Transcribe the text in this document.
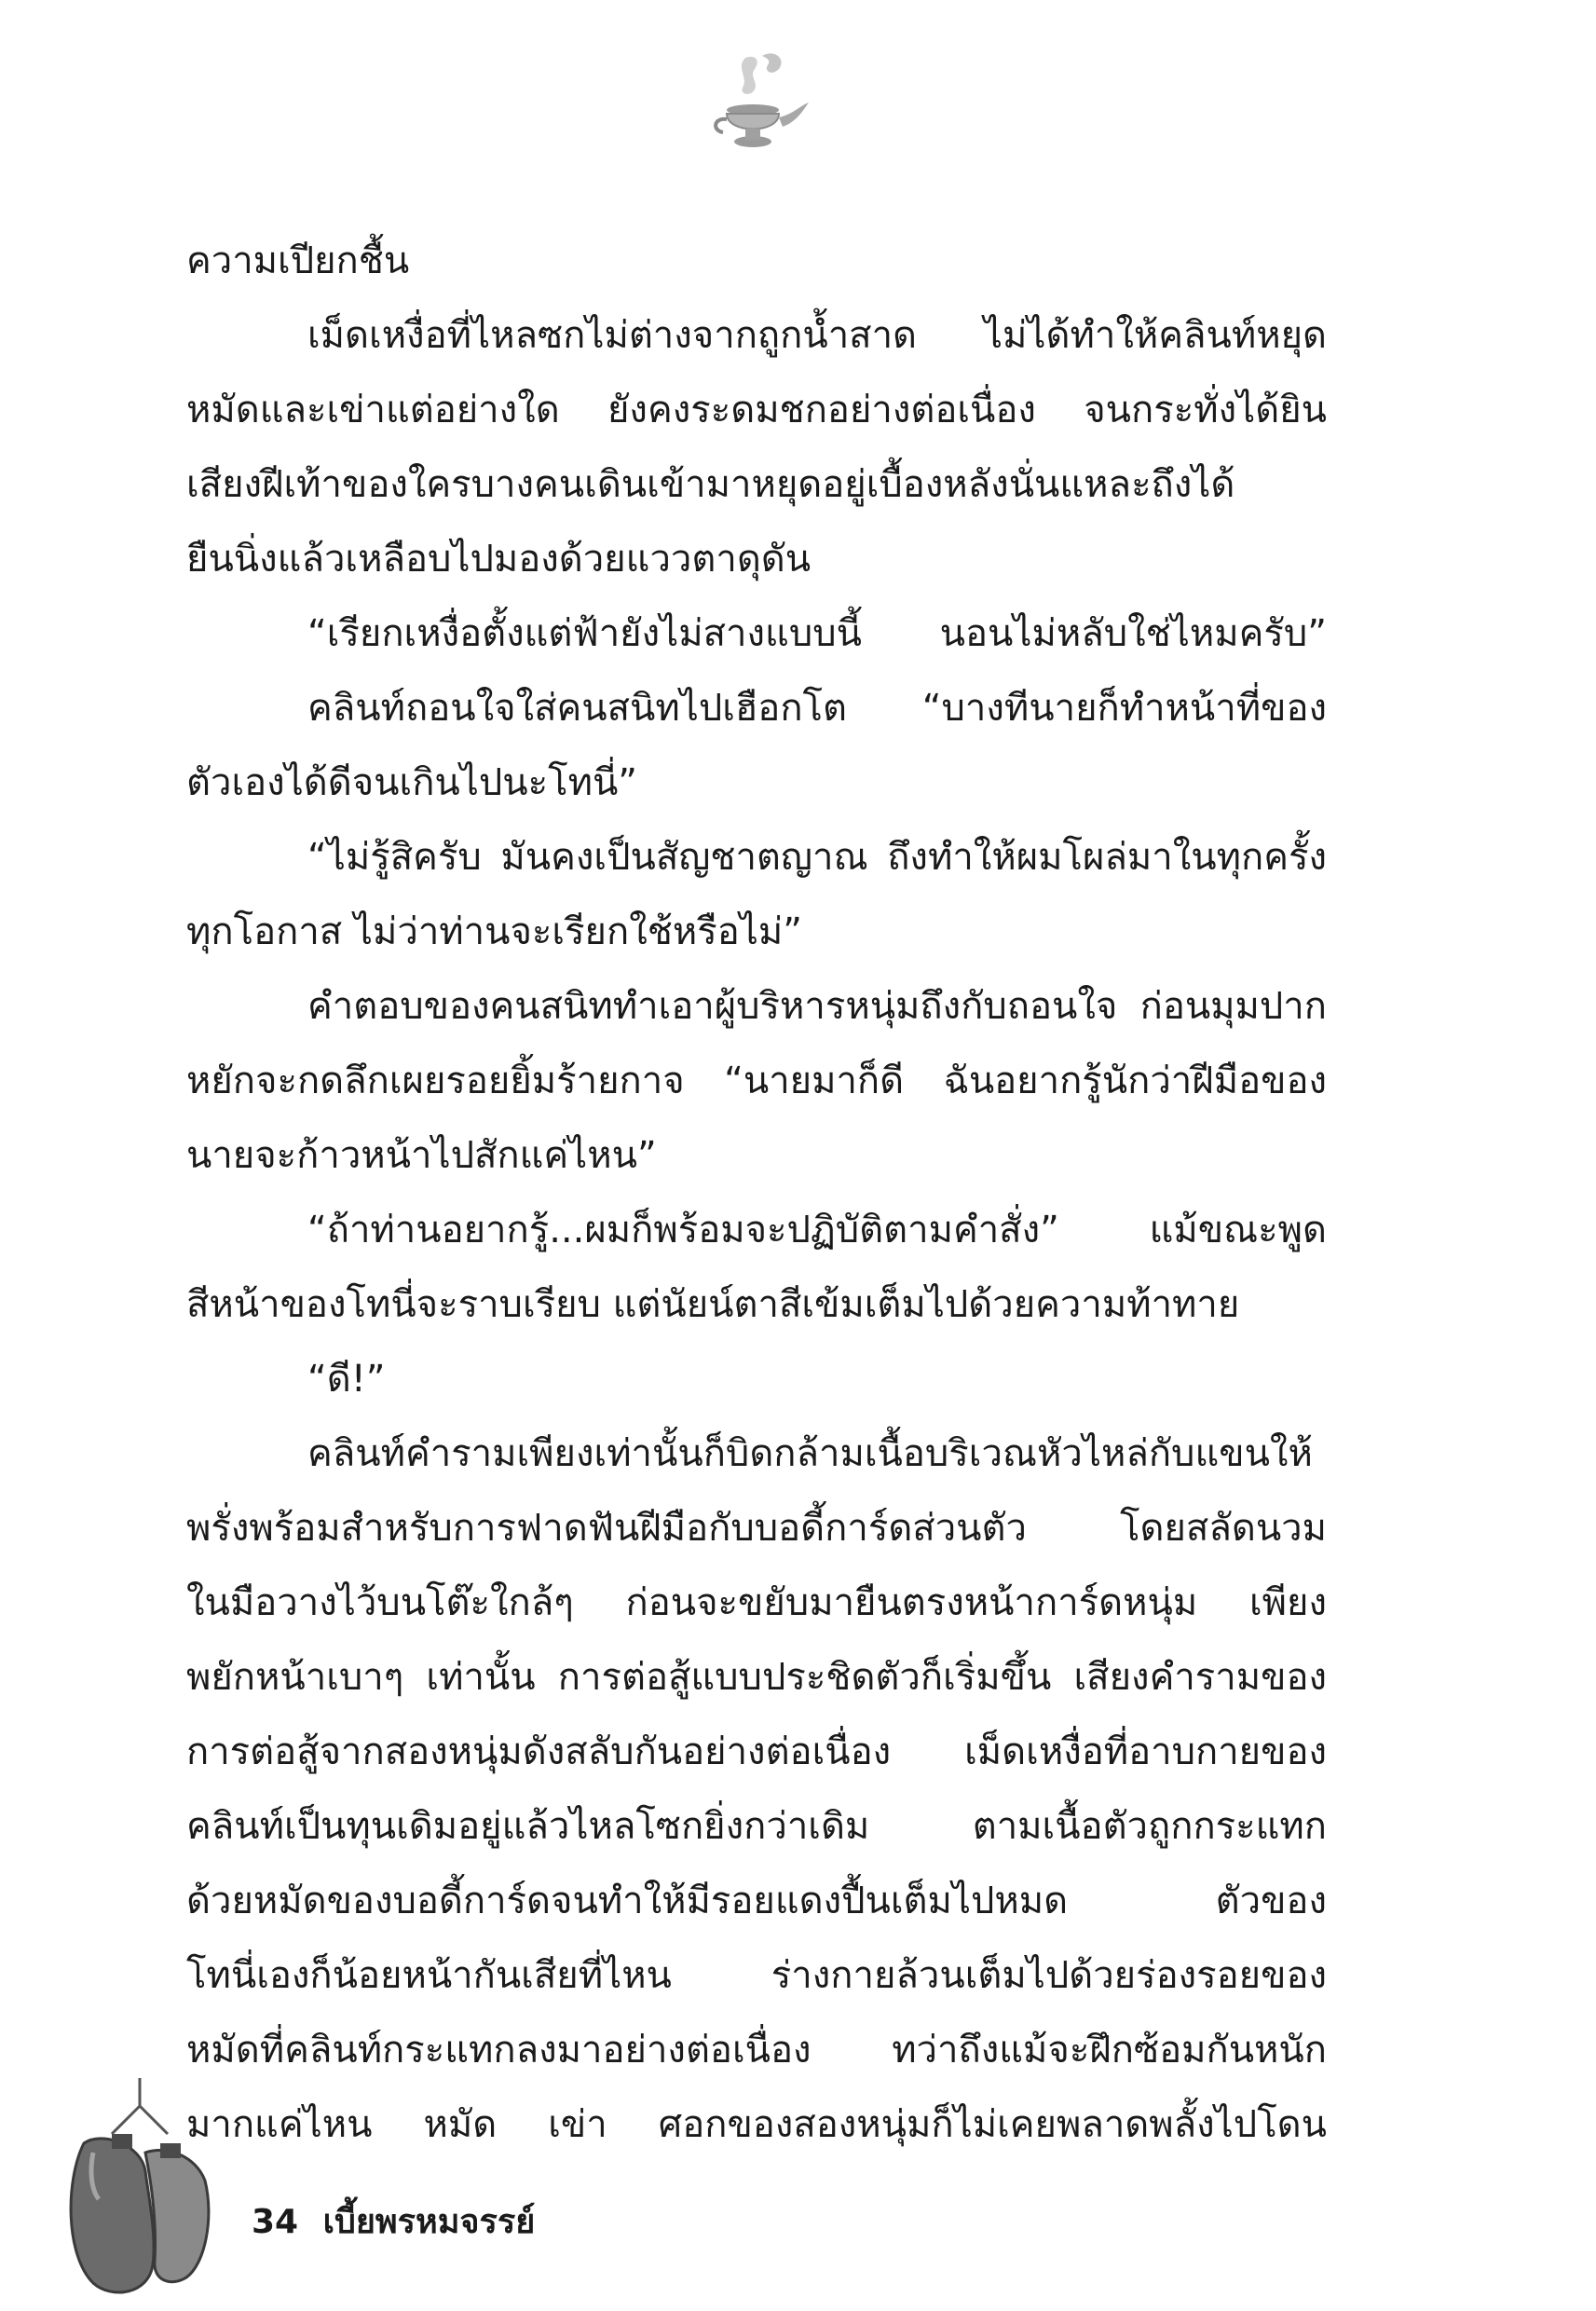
ความเปียกชื้น
เม็ดเหงื่อที่ไหลซกไม่ต่างจากถูกน้ำสาด ไม่ได้ทำให้คลินท์หยุด
หมัดและเข่าแต่อย่างใด ยังคงระดมชกอย่างต่อเนื่อง จนกระทั่งได้ยิน
เสียงฝีเท้าของใครบางคนเดินเข้ามาหยุดอยู่เบื้องหลังนั่นแหละถึงได้
ยืนนิ่งแล้วเหลือบไปมองด้วยแววตาดุดัน
“เรียกเหงื่อตั้งแต่ฟ้ายังไม่สางแบบนี้ นอนไม่หลับใช่ไหมครับ”
คลินท์ถอนใจใส่คนสนิทไปเฮือกโต “บางทีนายก็ทำหน้าที่ของ
ตัวเองได้ดีจนเกินไปนะโทนี่”
“ไม่รู้สิครับ มันคงเป็นสัญชาตญาณ ถึงทำให้ผมโผล่มาในทุกครั้ง
ทุกโอกาส ไม่ว่าท่านจะเรียกใช้หรือไม่”
คำตอบของคนสนิททำเอาผู้บริหารหนุ่มถึงกับถอนใจ ก่อนมุมปาก
หยักจะกดลึกเผยรอยยิ้มร้ายกาจ “นายมาก็ดี ฉันอยากรู้นักว่าฝีมือของ
นายจะก้าวหน้าไปสักแค่ไหน”
“ถ้าท่านอยากรู้...ผมก็พร้อมจะปฏิบัติตามคำสั่ง” แม้ขณะพูด
สีหน้าของโทนี่จะราบเรียบ แต่นัยน์ตาสีเข้มเต็มไปด้วยความท้าทาย
“ดี!”
คลินท์คำรามเพียงเท่านั้นก็บิดกล้ามเนื้อบริเวณหัวไหล่กับแขนให้
พรั่งพร้อมสำหรับการฟาดฟันฝีมือกับบอดี้การ์ดส่วนตัว โดยสลัดนวม
ในมือวางไว้บนโต๊ะใกล้ๆ ก่อนจะขยับมายืนตรงหน้าการ์ดหนุ่ม เพียง
พยักหน้าเบาๆ เท่านั้น การต่อสู้แบบประชิดตัวก็เริ่มขึ้น เสียงคำรามของ
การต่อสู้จากสองหนุ่มดังสลับกันอย่างต่อเนื่อง เม็ดเหงื่อที่อาบกายของ
คลินท์เป็นทุนเดิมอยู่แล้วไหลโซกยิ่งกว่าเดิม ตามเนื้อตัวถูกกระแทก
ด้วยหมัดของบอดี้การ์ดจนทำให้มีรอยแดงปื้นเต็มไปหมด ตัวของ
โทนี่เองก็น้อยหน้ากันเสียที่ไหน ร่างกายล้วนเต็มไปด้วยร่องรอยของ
หมัดที่คลินท์กระแทกลงมาอย่างต่อเนื่อง ทว่าถึงแม้จะฝึกซ้อมกันหนัก
มากแค่ไหน หมัด เข่า ศอกของสองหนุ่มก็ไม่เคยพลาดพลั้งไปโดน
34 เบี้ยพรหมจรรย์
